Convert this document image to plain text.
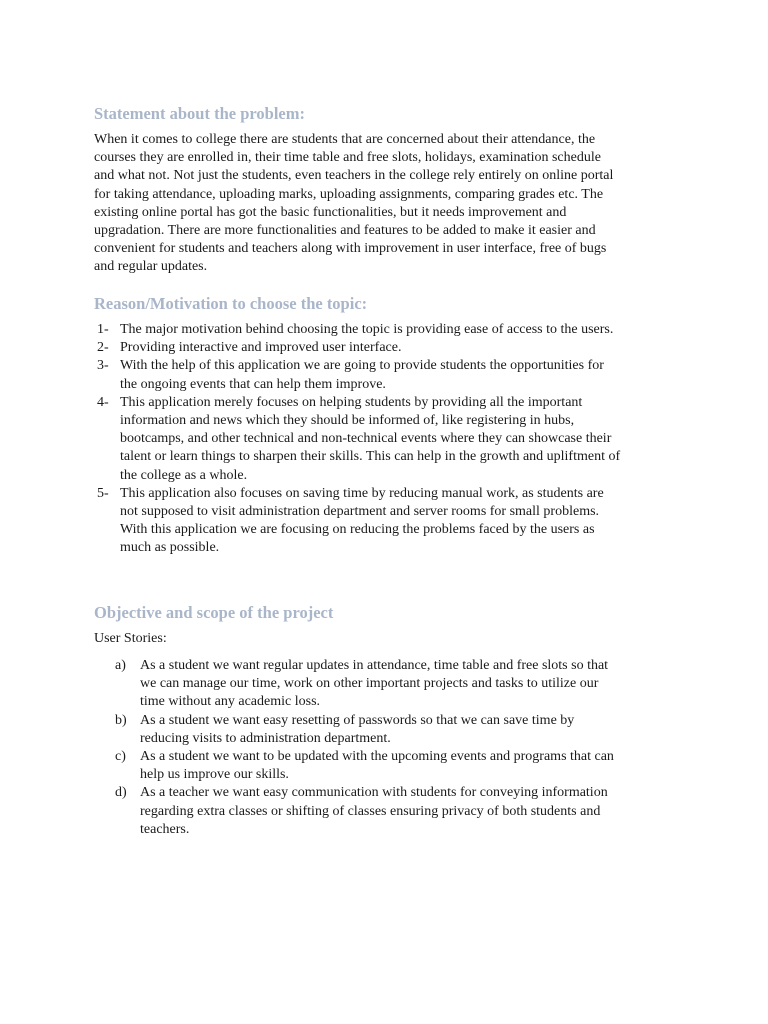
Statement about the problem:

When it comes to college there are students that are concerned about their attendance, the
courses they are enrolled in, their time table and free slots, holidays, examination schedule
and what not. Not just the students, even teachers in the college rely entirely on online portal
for taking attendance, uploading marks, uploading assignments, comparing grades etc. The
existing online portal has got the basic functionalities, but it needs improvement and
upgradation. There are more functionalities and features to be added to make it easier and
convenient for students and teachers along with improvement in user interface, free of bugs
and regular updates.

Reason/Motivation to choose the topic:
1- The major motivation behind choosing the topic is providing ease of access to the users.
2- Providing interactive and improved user interface.
3- With the help of this application we are going to provide students the opportunities for
the ongoing events that can help them improve.
4- This application merely focuses on helping students by providing all the important
information and news which they should be informed of, like registering in hubs,
bootcamps, and other technical and non-technical events where they can showcase their
talent or learn things to sharpen their skills. This can help in the growth and upliftment of
the college as a whole.
5- This application also focuses on saving time by reducing manual work, as students are
not supposed to visit administration department and server rooms for small problems.
With this application we are focusing on reducing the problems faced by the users as
much as possible.
Objective and scope of the project

User Stories:

a) As a student we want regular updates in attendance, time table and free slots so that
we can manage our time, work on other important projects and tasks to utilize our
time without any academic loss.
b) As a student we want easy resetting of passwords so that we can save time by
reducing visits to administration department.
c) As a student we want to be updated with the upcoming events and programs that can
help us improve our skills.
d) As a teacher we want easy communication with students for conveying information
regarding extra classes or shifting of classes ensuring privacy of both students and
teachers.
